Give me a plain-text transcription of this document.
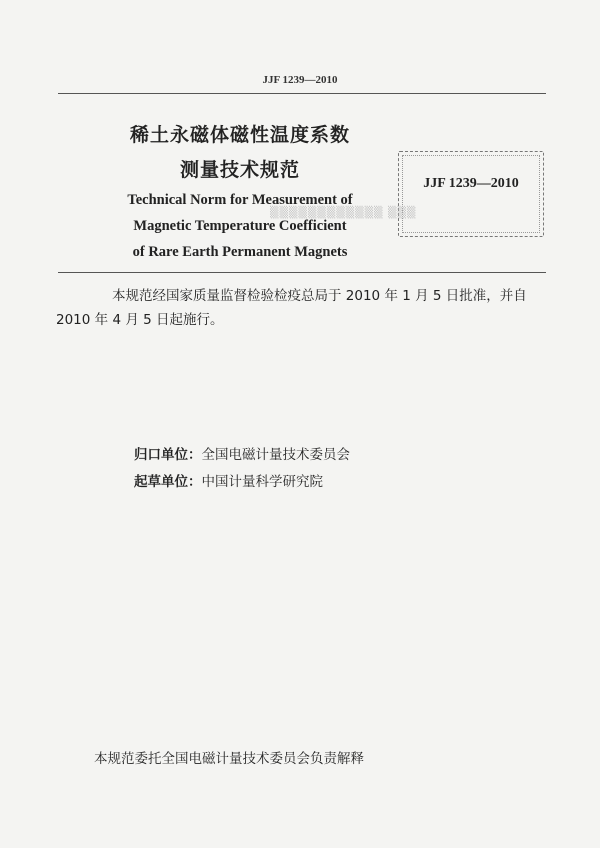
JJF 1239—2010
稀土永磁体磁性温度系数
测量技术规范
Technical Norm for Measurement of
Magnetic Temperature Coefficient
of Rare Earth Permanent Magnets
JJF 1239—2010
▒▒▒▒▒▒▒▒▒▒▒▒ ▒▒▒
本规范经国家质量监督检验检疫总局于 2010 年 1 月 5 日批准，并自
2010 年 4 月 5 日起施行。
归口单位：全国电磁计量技术委员会
起草单位：中国计量科学研究院
本规范委托全国电磁计量技术委员会负责解释
